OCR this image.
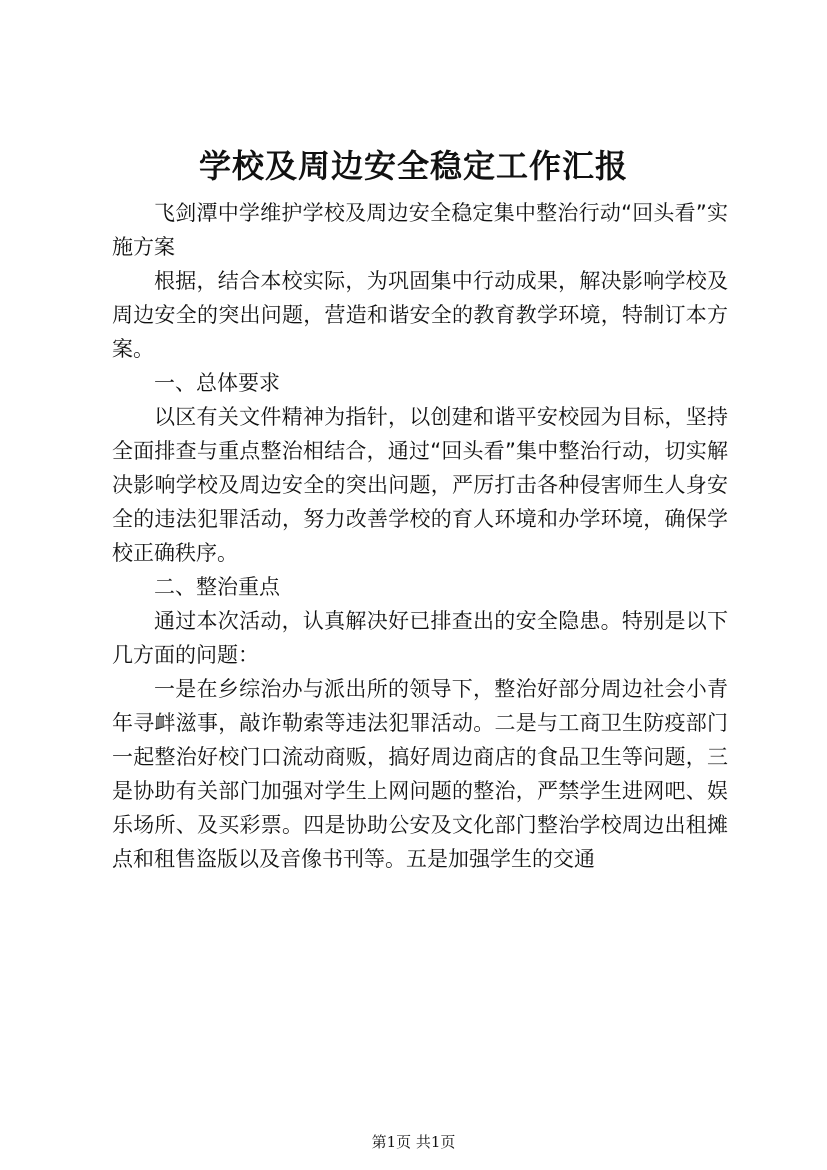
学校及周边安全稳定工作汇报

飞剑潭中学维护学校及周边安全稳定集中整治行动“回头看”实施方案

根据，结合本校实际，为巩固集中行动成果，解决影响学校及周边安全的突出问题，营造和谐安全的教育教学环境，特制订本方案。

一、总体要求

以区有关文件精神为指针，以创建和谐平安校园为目标，坚持全面排查与重点整治相结合，通过“回头看”集中整治行动，切实解决影响学校及周边安全的突出问题，严厉打击各种侵害师生人身安全的违法犯罪活动，努力改善学校的育人环境和办学环境，确保学校正确秩序。

二、整治重点

通过本次活动，认真解决好已排查出的安全隐患。特别是以下几方面的问题：

一是在乡综治办与派出所的领导下，整治好部分周边社会小青年寻衅滋事，敲诈勒索等违法犯罪活动。二是与工商卫生防疫部门一起整治好校门口流动商贩，搞好周边商店的食品卫生等问题，三是协助有关部门加强对学生上网问题的整治，严禁学生进网吧、娱乐场所、及买彩票。四是协助公安及文化部门整治学校周边出租摊点和租售盗版以及音像书刊等。五是加强学生的交通

第1页 共1页
